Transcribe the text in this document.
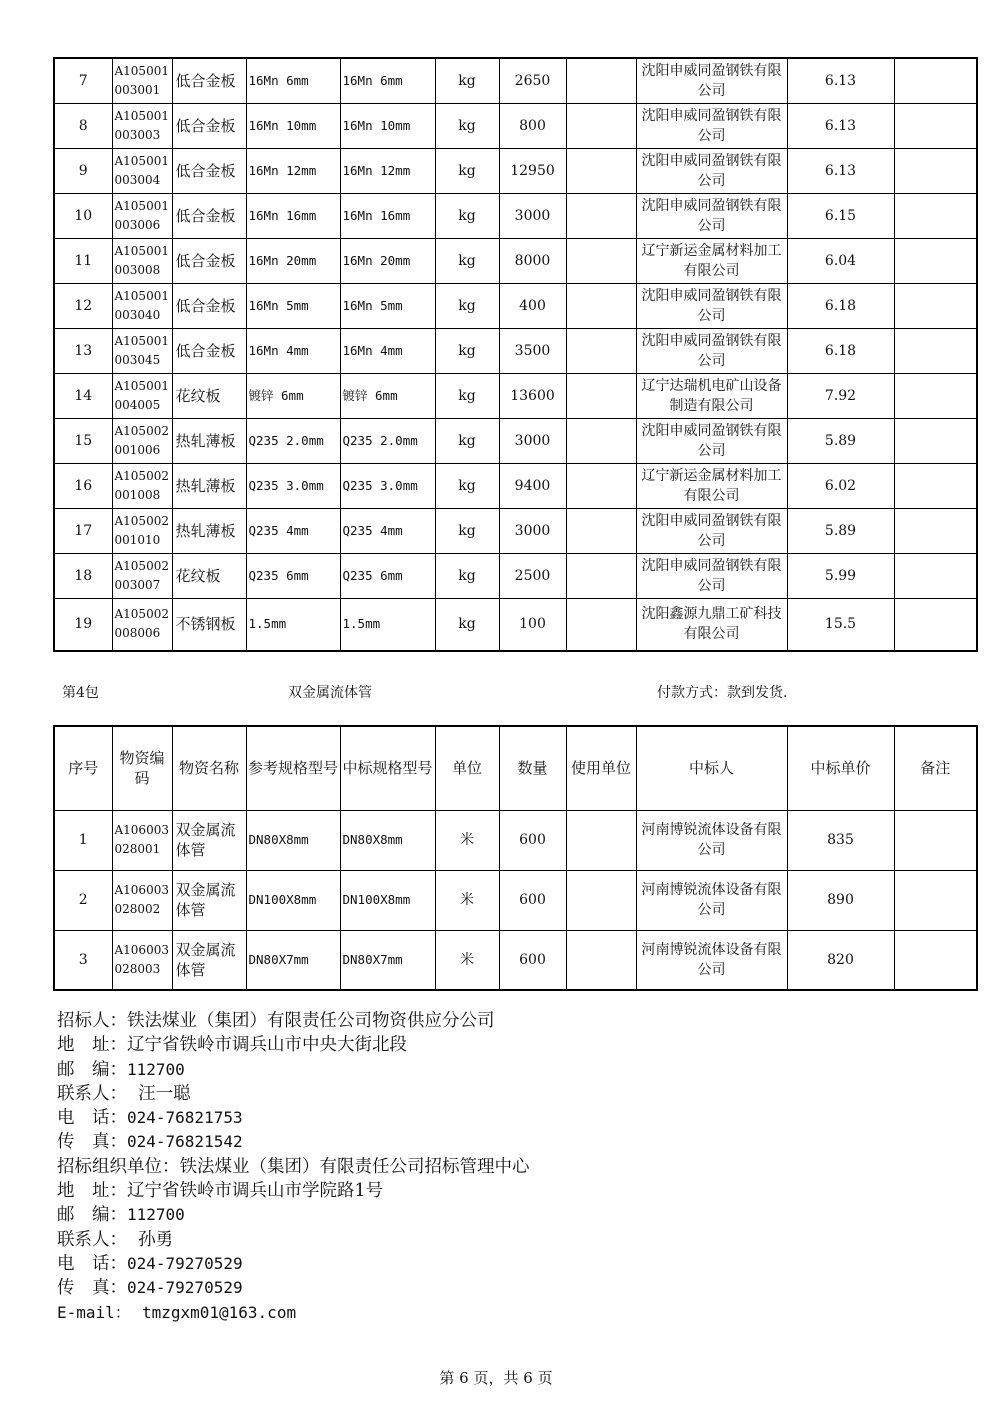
7	A105001003001	低合金板	16Mn 6mm	16Mn 6mm	kg	2650		沈阳申威同盈钢铁有限公司	6.13	
8	A105001003003	低合金板	16Mn 10mm	16Mn 10mm	kg	800		沈阳申威同盈钢铁有限公司	6.13	
9	A105001003004	低合金板	16Mn 12mm	16Mn 12mm	kg	12950		沈阳申威同盈钢铁有限公司	6.13	
10	A105001003006	低合金板	16Mn 16mm	16Mn 16mm	kg	3000		沈阳申威同盈钢铁有限公司	6.15	
11	A105001003008	低合金板	16Mn 20mm	16Mn 20mm	kg	8000		辽宁新运金属材料加工有限公司	6.04	
12	A105001003040	低合金板	16Mn 5mm	16Mn 5mm	kg	400		沈阳申威同盈钢铁有限公司	6.18	
13	A105001003045	低合金板	16Mn 4mm	16Mn 4mm	kg	3500		沈阳申威同盈钢铁有限公司	6.18	
14	A105001004005	花纹板	镀锌 6mm	镀锌 6mm	kg	13600		辽宁达瑞机电矿山设备制造有限公司	7.92	
15	A105002001006	热轧薄板	Q235 2.0mm	Q235 2.0mm	kg	3000		沈阳申威同盈钢铁有限公司	5.89	
16	A105002001008	热轧薄板	Q235 3.0mm	Q235 3.0mm	kg	9400		辽宁新运金属材料加工有限公司	6.02	
17	A105002001010	热轧薄板	Q235 4mm	Q235 4mm	kg	3000		沈阳申威同盈钢铁有限公司	5.89	
18	A105002003007	花纹板	Q235 6mm	Q235 6mm	kg	2500		沈阳申威同盈钢铁有限公司	5.99	
19	A105002008006	不锈钢板	1.5mm	1.5mm	kg	100		沈阳鑫源九鼎工矿科技有限公司	15.5	
第4包	双金属流体管	付款方式：款到发货.
序号	物资编码	物资名称	参考规格型号	中标规格型号	单位	数量	使用单位	中标人	中标单价	备注
1	A106003028001	双金属流体管	DN80X8mm	DN80X8mm	米	600		河南博锐流体设备有限公司	835	
2	A106003028002	双金属流体管	DN100X8mm	DN100X8mm	米	600		河南博锐流体设备有限公司	890	
3	A106003028003	双金属流体管	DN80X7mm	DN80X7mm	米	600		河南博锐流体设备有限公司	820	
招标人：铁法煤业（集团）有限责任公司物资供应分公司
地　址：辽宁省铁岭市调兵山市中央大街北段
邮　编：112700
联系人： 汪一聪
电　话：024-76821753
传　真：024-76821542
招标组织单位：铁法煤业（集团）有限责任公司招标管理中心
地　址：辽宁省铁岭市调兵山市学院路1号
邮　编：112700
联系人： 孙勇
电　话：024-79270529
传　真：024-79270529
E-mail： tmzgxm01@163.com
第 6 页，共 6 页
